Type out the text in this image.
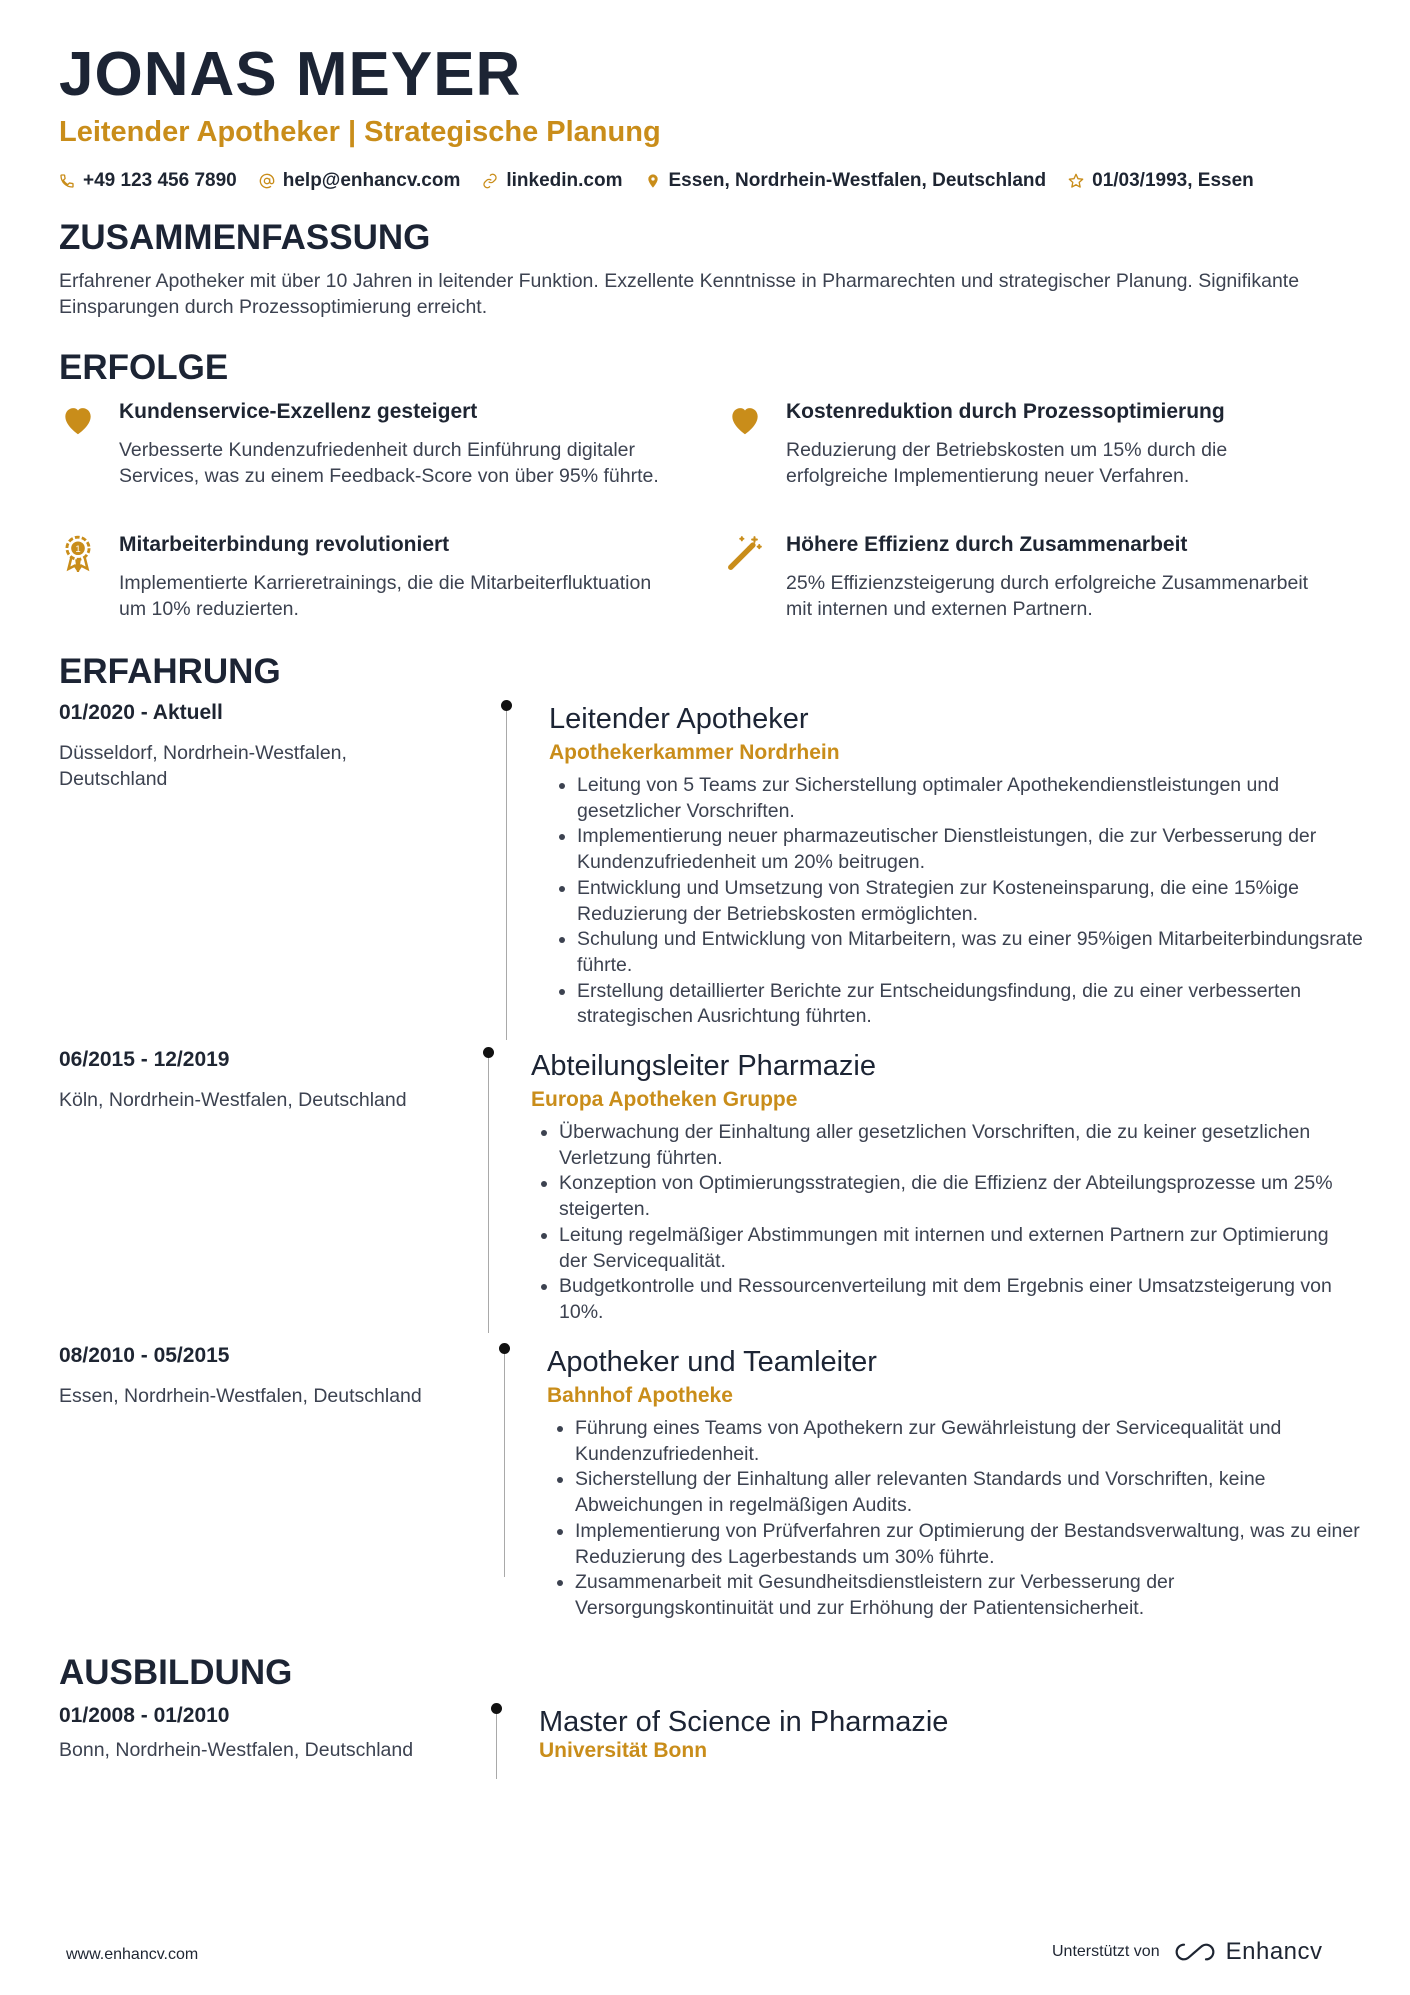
JONAS MEYER
Leitender Apotheker | Strategische Planung
+49 123 456 7890 help@enhancv.com linkedin.com Essen, Nordrhein-Westfalen, Deutschland 01/03/1993, Essen
ZUSAMMENFASSUNG
Erfahrener Apotheker mit über 10 Jahren in leitender Funktion. Exzellente Kenntnisse in Pharmarechten und strategischer Planung. Signifikante Einsparungen durch Prozessoptimierung erreicht.
ERFOLGE
Kundenservice-Exzellenz gesteigert
Verbesserte Kundenzufriedenheit durch Einführung digitaler Services, was zu einem Feedback-Score von über 95% führte.
Kostenreduktion durch Prozessoptimierung
Reduzierung der Betriebskosten um 15% durch die erfolgreiche Implementierung neuer Verfahren.
1 Mitarbeiterbindung revolutioniert
Implementierte Karrieretrainings, die die Mitarbeiterfluktuation um 10% reduzierten.
Höhere Effizienz durch Zusammenarbeit
25% Effizienzsteigerung durch erfolgreiche Zusammenarbeit mit internen und externen Partnern.
ERFAHRUNG
01/2020 - Aktuell
Düsseldorf, Nordrhein-Westfalen, Deutschland
Leitender Apotheker
Apothekerkammer Nordrhein
• Leitung von 5 Teams zur Sicherstellung optimaler Apothekendienstleistungen und gesetzlicher Vorschriften.
• Implementierung neuer pharmazeutischer Dienstleistungen, die zur Verbesserung der Kundenzufriedenheit um 20% beitrugen.
• Entwicklung und Umsetzung von Strategien zur Kosteneinsparung, die eine 15%ige Reduzierung der Betriebskosten ermöglichten.
• Schulung und Entwicklung von Mitarbeitern, was zu einer 95%igen Mitarbeiterbindungsrate führte.
• Erstellung detaillierter Berichte zur Entscheidungsfindung, die zu einer verbesserten strategischen Ausrichtung führten.
06/2015 - 12/2019
Köln, Nordrhein-Westfalen, Deutschland
Abteilungsleiter Pharmazie
Europa Apotheken Gruppe
• Überwachung der Einhaltung aller gesetzlichen Vorschriften, die zu keiner gesetzlichen Verletzung führten.
• Konzeption von Optimierungsstrategien, die die Effizienz der Abteilungsprozesse um 25% steigerten.
• Leitung regelmäßiger Abstimmungen mit internen und externen Partnern zur Optimierung der Servicequalität.
• Budgetkontrolle und Ressourcenverteilung mit dem Ergebnis einer Umsatzsteigerung von 10%.
08/2010 - 05/2015
Essen, Nordrhein-Westfalen, Deutschland
Apotheker und Teamleiter
Bahnhof Apotheke
• Führung eines Teams von Apothekern zur Gewährleistung der Servicequalität und Kundenzufriedenheit.
• Sicherstellung der Einhaltung aller relevanten Standards und Vorschriften, keine Abweichungen in regelmäßigen Audits.
• Implementierung von Prüfverfahren zur Optimierung der Bestandsverwaltung, was zu einer Reduzierung des Lagerbestands um 30% führte.
• Zusammenarbeit mit Gesundheitsdienstleistern zur Verbesserung der Versorgungskontinuität und zur Erhöhung der Patientensicherheit.
AUSBILDUNG
01/2008 - 01/2010
Bonn, Nordrhein-Westfalen, Deutschland
Master of Science in Pharmazie
Universität Bonn
www.enhancv.com	Unterstützt von	Enhancv
